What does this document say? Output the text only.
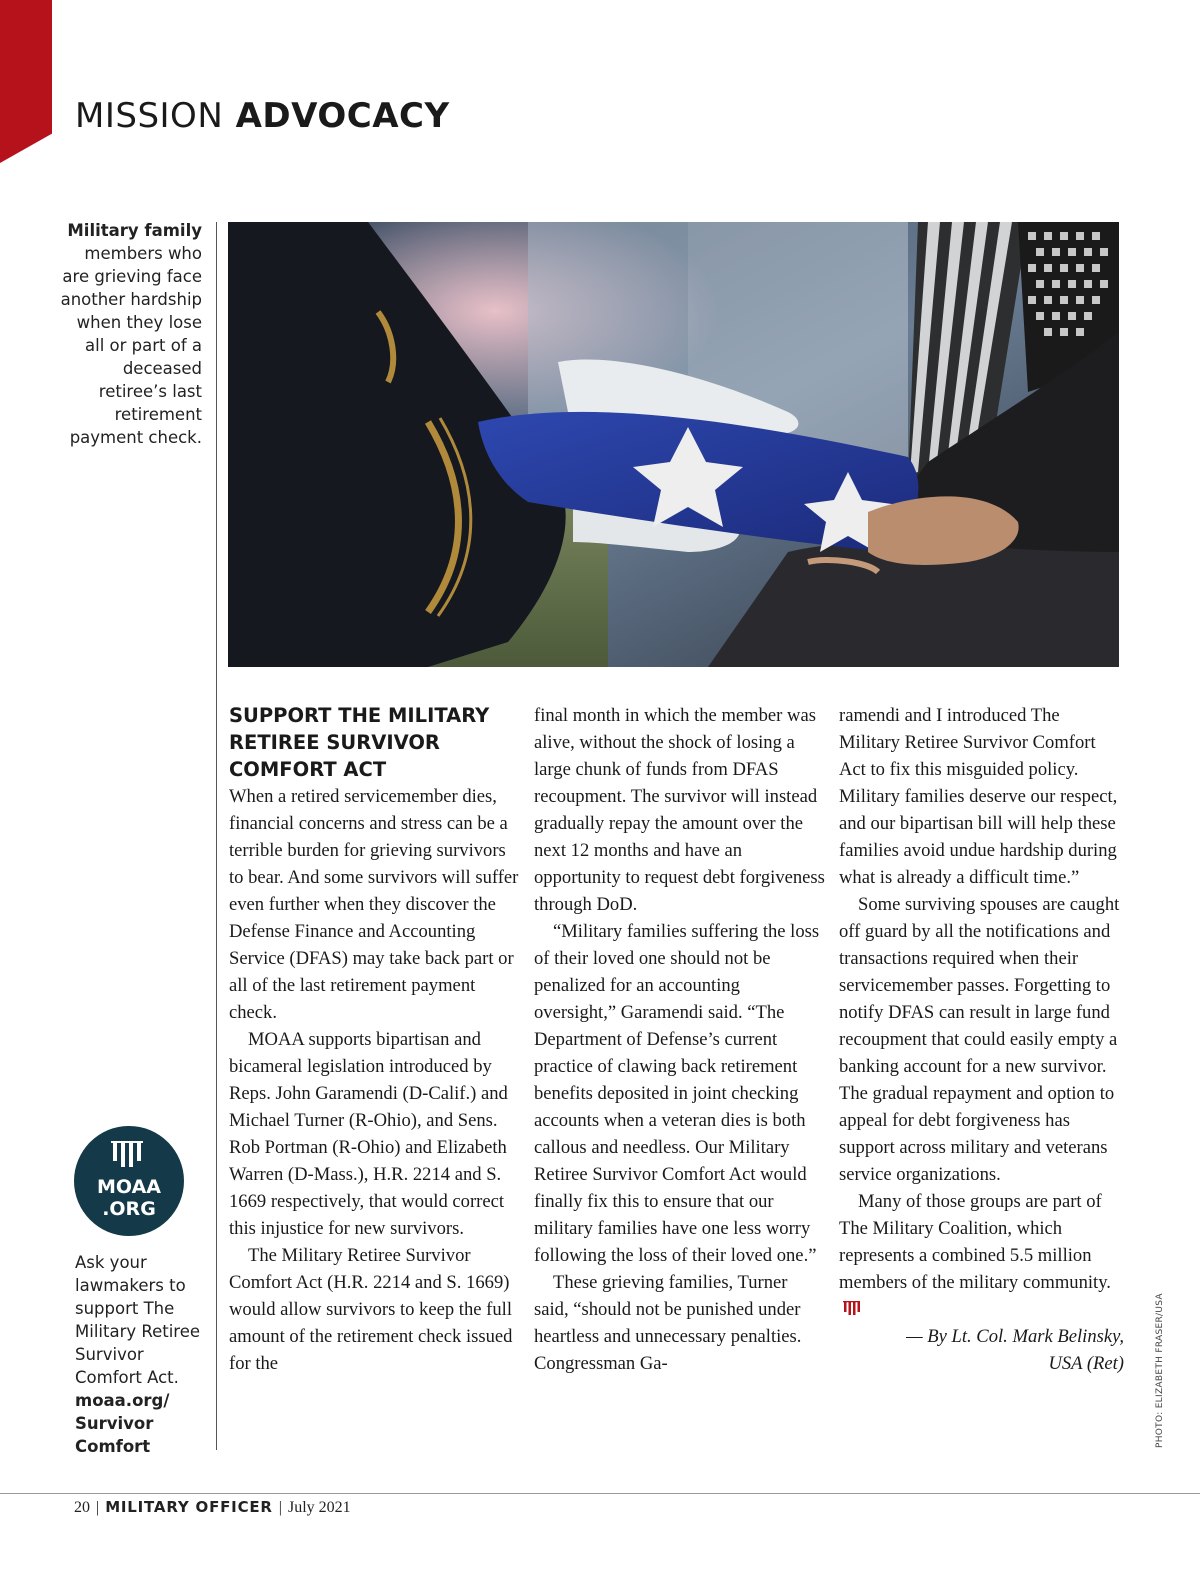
MISSION ADVOCACY
Military family members who are grieving face another hardship when they lose all or part of a deceased retiree’s last retirement payment check.
MOAA
.ORG
Ask your lawmakers to support The Military Retiree Survivor Comfort Act.
moaa.org/
Survivor
Comfort
SUPPORT THE MILITARY RETIREE SURVIVOR COMFORT ACT

When a retired servicemember dies, financial concerns and stress can be a terrible burden for grieving survivors to bear. And some survivors will suffer even further when they discover the Defense Finance and Accounting Service (DFAS) may take back part or all of the last retirement payment check.

MOAA supports bipartisan and bicameral legislation introduced by Reps. John Garamendi (D-Calif.) and Michael Turner (R-Ohio), and Sens. Rob Portman (R-Ohio) and Elizabeth Warren (D-Mass.), H.R. 2214 and S. 1669 respectively, that would correct this injustice for new survivors.

The Military Retiree Survivor Comfort Act (H.R. 2214 and S. 1669) would allow survivors to keep the full amount of the retirement check issued for the

final month in which the member was alive, without the shock of losing a large chunk of funds from DFAS recoupment. The survivor will instead gradually repay the amount over the next 12 months and have an opportunity to request debt forgiveness through DoD.

“Military families suffering the loss of their loved one should not be penalized for an accounting oversight,” Garamendi said. “The Department of Defense’s current practice of clawing back retirement benefits deposited in joint checking accounts when a veteran dies is both callous and needless. Our Military Retiree Survivor Comfort Act would finally fix this to ensure that our military families have one less worry following the loss of their loved one.”

These grieving families, Turner said, “should not be punished under heartless and unnecessary penalties. Congressman Ga-

ramendi and I introduced The Military Retiree Survivor Comfort Act to fix this misguided policy. Military families deserve our respect, and our bipartisan bill will help these families avoid undue hardship during what is already a difficult time.”

Some surviving spouses are caught off guard by all the notifications and transactions required when their servicemember passes. Forgetting to notify DFAS can result in large fund recoupment that could easily empty a banking account for a new survivor. The gradual repayment and option to appeal for debt forgiveness has support across military and veterans service organizations.

Many of those groups are part of The Military Coalition, which represents a combined 5.5 million members of the military community.

— By Lt. Col. Mark Belinsky,
USA (Ret)	PHOTO: ELIZABETH FRASER/USA
20 | MILITARY OFFICER | July 2021
